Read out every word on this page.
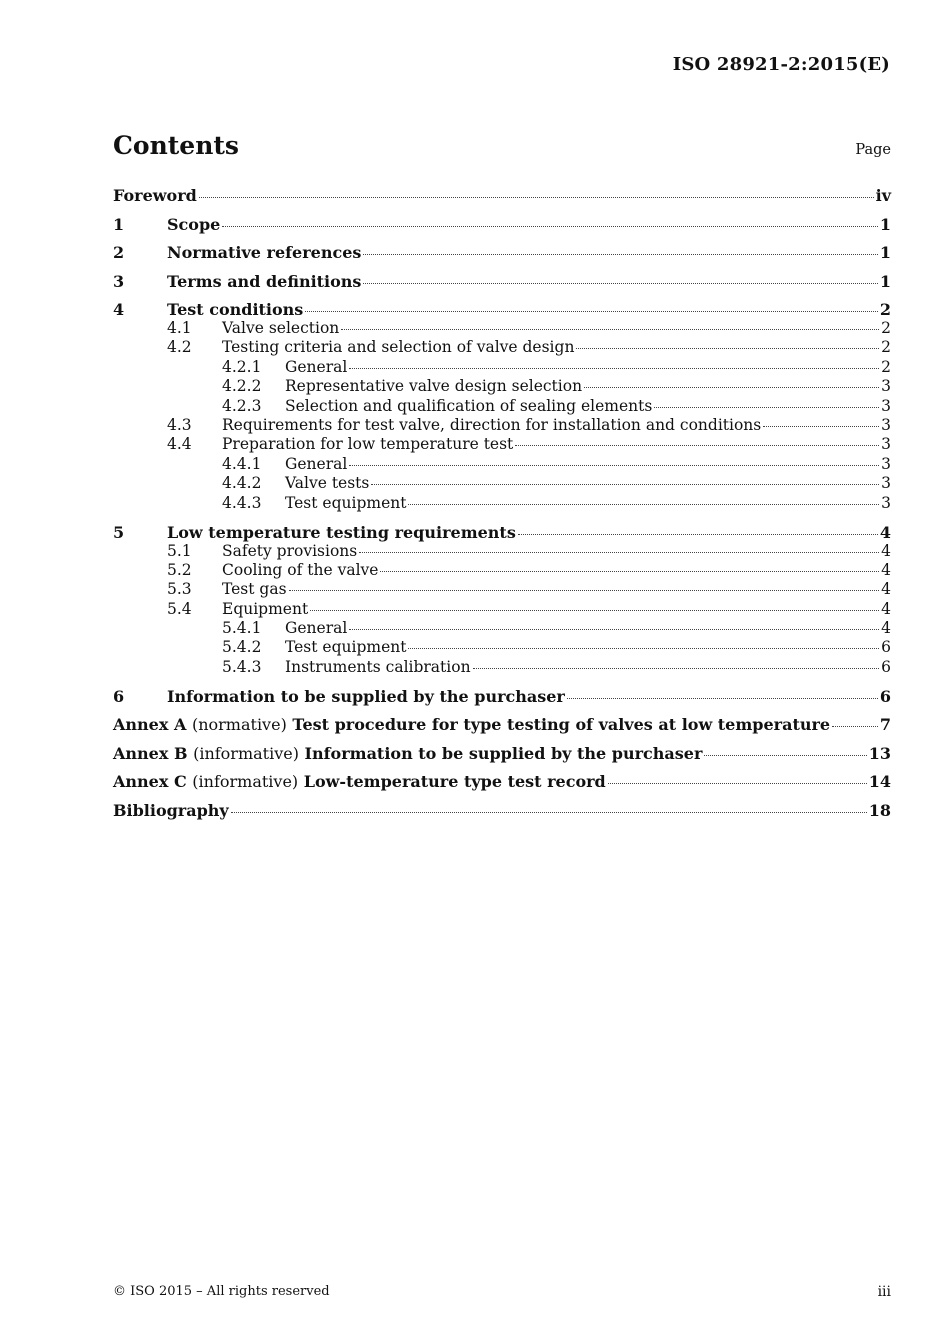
ISO 28921-2:2015(E)
Contents	Page
Foreword	iv
1	Scope	1
2	Normative references	1
3	Terms and definitions	1
4	Test conditions	2
4.1	Valve selection	2
4.2	Testing criteria and selection of valve design	2
4.2.1	General	2
4.2.2	Representative valve design selection	3
4.2.3	Selection and qualification of sealing elements	3
4.3	Requirements for test valve, direction for installation and conditions	3
4.4	Preparation for low temperature test	3
4.4.1	General	3
4.4.2	Valve tests	3
4.4.3	Test equipment	3
5	Low temperature testing requirements	4
5.1	Safety provisions	4
5.2	Cooling of the valve	4
5.3	Test gas	4
5.4	Equipment	4
5.4.1	General	4
5.4.2	Test equipment	6
5.4.3	Instruments calibration	6
6	Information to be supplied by the purchaser	6
Annex A (normative) Test procedure for type testing of valves at low temperature	7
Annex B (informative) Information to be supplied by the purchaser	13
Annex C (informative) Low-temperature type test record	14
Bibliography	18
© ISO 2015 – All rights reserved	iii
